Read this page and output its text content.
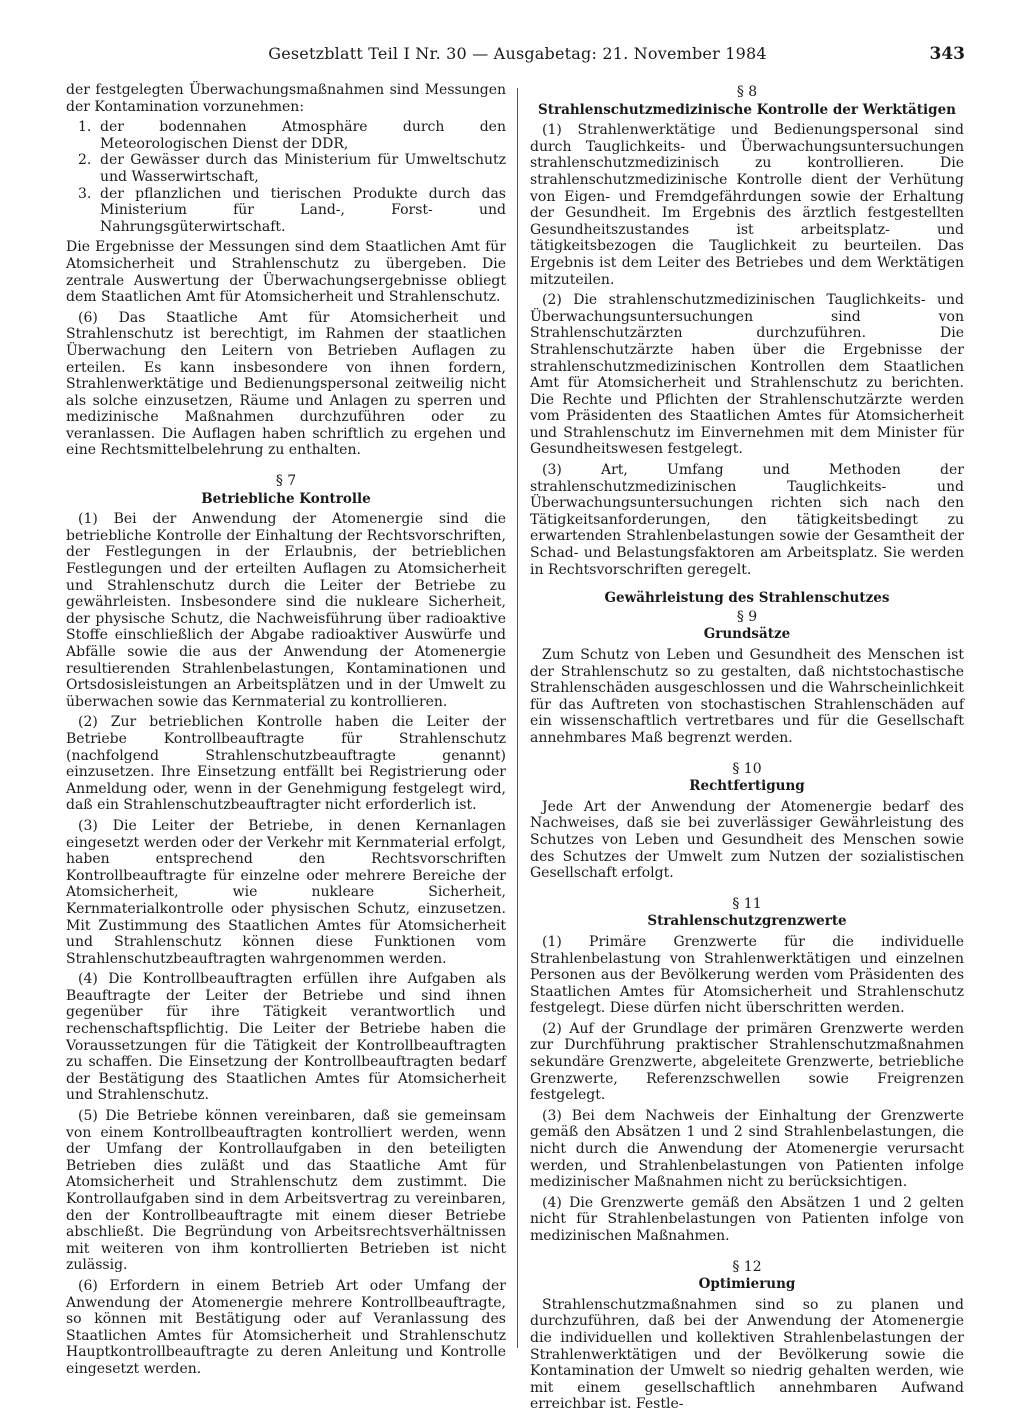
Gesetzblatt Teil I Nr. 30 — Ausgabetag: 21. November 1984	343

der festgelegten Überwachungsmaßnahmen sind Messungen der Kontamination vorzunehmen:

1. der bodennahen Atmosphäre durch den Meteorologischen Dienst der DDR,
2. der Gewässer durch das Ministerium für Umweltschutz und Wasserwirtschaft,
3. der pflanzlichen und tierischen Produkte durch das Ministerium für Land-, Forst- und Nahrungsgüterwirtschaft.

Die Ergebnisse der Messungen sind dem Staatlichen Amt für Atomsicherheit und Strahlenschutz zu übergeben. Die zentrale Auswertung der Überwachungsergebnisse obliegt dem Staatlichen Amt für Atomsicherheit und Strahlenschutz.

(6) Das Staatliche Amt für Atomsicherheit und Strahlenschutz ist berechtigt, im Rahmen der staatlichen Überwachung den Leitern von Betrieben Auflagen zu erteilen. Es kann insbesondere von ihnen fordern, Strahlenwerktätige und Bedienungspersonal zeitweilig nicht als solche einzusetzen, Räume und Anlagen zu sperren und medizinische Maßnahmen durchzuführen oder zu veranlassen. Die Auflagen haben schriftlich zu ergehen und eine Rechtsmittelbelehrung zu enthalten.

§ 7
Betriebliche Kontrolle

(1) Bei der Anwendung der Atomenergie sind die betriebliche Kontrolle der Einhaltung der Rechtsvorschriften, der Festlegungen in der Erlaubnis, der betrieblichen Festlegungen und der erteilten Auflagen zu Atomsicherheit und Strahlenschutz durch die Leiter der Betriebe zu gewährleisten. Insbesondere sind die nukleare Sicherheit, der physische Schutz, die Nachweisführung über radioaktive Stoffe einschließlich der Abgabe radioaktiver Auswürfe und Abfälle sowie die aus der Anwendung der Atomenergie resultierenden Strahlenbelastungen, Kontaminationen und Ortsdosisleistungen an Arbeitsplätzen und in der Umwelt zu überwachen sowie das Kernmaterial zu kontrollieren.

(2) Zur betrieblichen Kontrolle haben die Leiter der Betriebe Kontrollbeauftragte für Strahlenschutz (nachfolgend Strahlenschutzbeauftragte genannt) einzusetzen. Ihre Einsetzung entfällt bei Registrierung oder Anmeldung oder, wenn in der Genehmigung festgelegt wird, daß ein Strahlenschutzbeauftragter nicht erforderlich ist.

(3) Die Leiter der Betriebe, in denen Kernanlagen eingesetzt werden oder der Verkehr mit Kernmaterial erfolgt, haben entsprechend den Rechtsvorschriften Kontrollbeauftragte für einzelne oder mehrere Bereiche der Atomsicherheit, wie nukleare Sicherheit, Kernmaterialkontrolle oder physischen Schutz, einzusetzen. Mit Zustimmung des Staatlichen Amtes für Atomsicherheit und Strahlenschutz können diese Funktionen vom Strahlenschutzbeauftragten wahrgenommen werden.

(4) Die Kontrollbeauftragten erfüllen ihre Aufgaben als Beauftragte der Leiter der Betriebe und sind ihnen gegenüber für ihre Tätigkeit verantwortlich und rechenschaftspflichtig. Die Leiter der Betriebe haben die Voraussetzungen für die Tätigkeit der Kontrollbeauftragten zu schaffen. Die Einsetzung der Kontrollbeauftragten bedarf der Bestätigung des Staatlichen Amtes für Atomsicherheit und Strahlenschutz.

(5) Die Betriebe können vereinbaren, daß sie gemeinsam von einem Kontrollbeauftragten kontrolliert werden, wenn der Umfang der Kontrollaufgaben in den beteiligten Betrieben dies zuläßt und das Staatliche Amt für Atomsicherheit und Strahlenschutz dem zustimmt. Die Kontrollaufgaben sind in dem Arbeitsvertrag zu vereinbaren, den der Kontrollbeauftragte mit einem dieser Betriebe abschließt. Die Begründung von Arbeitsrechtsverhältnissen mit weiteren von ihm kontrollierten Betrieben ist nicht zulässig.

(6) Erfordern in einem Betrieb Art oder Umfang der Anwendung der Atomenergie mehrere Kontrollbeauftragte, so können mit Bestätigung oder auf Veranlassung des Staatlichen Amtes für Atomsicherheit und Strahlenschutz Hauptkontrollbeauftragte zu deren Anleitung und Kontrolle eingesetzt werden.

§ 8
Strahlenschutzmedizinische Kontrolle der Werktätigen

(1) Strahlenwerktätige und Bedienungspersonal sind durch Tauglichkeits- und Überwachungsuntersuchungen strahlenschutzmedizinisch zu kontrollieren. Die strahlenschutzmedizinische Kontrolle dient der Verhütung von Eigen- und Fremdgefährdungen sowie der Erhaltung der Gesundheit. Im Ergebnis des ärztlich festgestellten Gesundheitszustandes ist arbeitsplatz- und tätigkeitsbezogen die Tauglichkeit zu beurteilen. Das Ergebnis ist dem Leiter des Betriebes und dem Werktätigen mitzuteilen.

(2) Die strahlenschutzmedizinischen Tauglichkeits- und Überwachungsuntersuchungen sind von Strahlenschutzärzten durchzuführen. Die Strahlenschutzärzte haben über die Ergebnisse der strahlenschutzmedizinischen Kontrollen dem Staatlichen Amt für Atomsicherheit und Strahlenschutz zu berichten. Die Rechte und Pflichten der Strahlenschutzärzte werden vom Präsidenten des Staatlichen Amtes für Atomsicherheit und Strahlenschutz im Einvernehmen mit dem Minister für Gesundheitswesen festgelegt.

(3) Art, Umfang und Methoden der strahlenschutzmedizinischen Tauglichkeits- und Überwachungsuntersuchungen richten sich nach den Tätigkeitsanforderungen, den tätigkeitsbedingt zu erwartenden Strahlenbelastungen sowie der Gesamtheit der Schad- und Belastungsfaktoren am Arbeitsplatz. Sie werden in Rechtsvorschriften geregelt.

Gewährleistung des Strahlenschutzes
§ 9
Grundsätze

Zum Schutz von Leben und Gesundheit des Menschen ist der Strahlenschutz so zu gestalten, daß nichtstochastische Strahlenschäden ausgeschlossen und die Wahrscheinlichkeit für das Auftreten von stochastischen Strahlenschäden auf ein wissenschaftlich vertretbares und für die Gesellschaft annehmbares Maß begrenzt werden.

§ 10
Rechtfertigung

Jede Art der Anwendung der Atomenergie bedarf des Nachweises, daß sie bei zuverlässiger Gewährleistung des Schutzes von Leben und Gesundheit des Menschen sowie des Schutzes der Umwelt zum Nutzen der sozialistischen Gesellschaft erfolgt.

§ 11
Strahlenschutzgrenzwerte

(1) Primäre Grenzwerte für die individuelle Strahlenbelastung von Strahlenwerktätigen und einzelnen Personen aus der Bevölkerung werden vom Präsidenten des Staatlichen Amtes für Atomsicherheit und Strahlenschutz festgelegt. Diese dürfen nicht überschritten werden.

(2) Auf der Grundlage der primären Grenzwerte werden zur Durchführung praktischer Strahlenschutzmaßnahmen sekundäre Grenzwerte, abgeleitete Grenzwerte, betriebliche Grenzwerte, Referenzschwellen sowie Freigrenzen festgelegt.

(3) Bei dem Nachweis der Einhaltung der Grenzwerte gemäß den Absätzen 1 und 2 sind Strahlenbelastungen, die nicht durch die Anwendung der Atomenergie verursacht werden, und Strahlenbelastungen von Patienten infolge medizinischer Maßnahmen nicht zu berücksichtigen.

(4) Die Grenzwerte gemäß den Absätzen 1 und 2 gelten nicht für Strahlenbelastungen von Patienten infolge von medizinischen Maßnahmen.

§ 12
Optimierung

Strahlenschutzmaßnahmen sind so zu planen und durchzuführen, daß bei der Anwendung der Atomenergie die individuellen und kollektiven Strahlenbelastungen der Strahlenwerktätigen und der Bevölkerung sowie die Kontamination der Umwelt so niedrig gehalten werden, wie mit einem gesellschaftlich annehmbaren Aufwand erreichbar ist. Festle-
